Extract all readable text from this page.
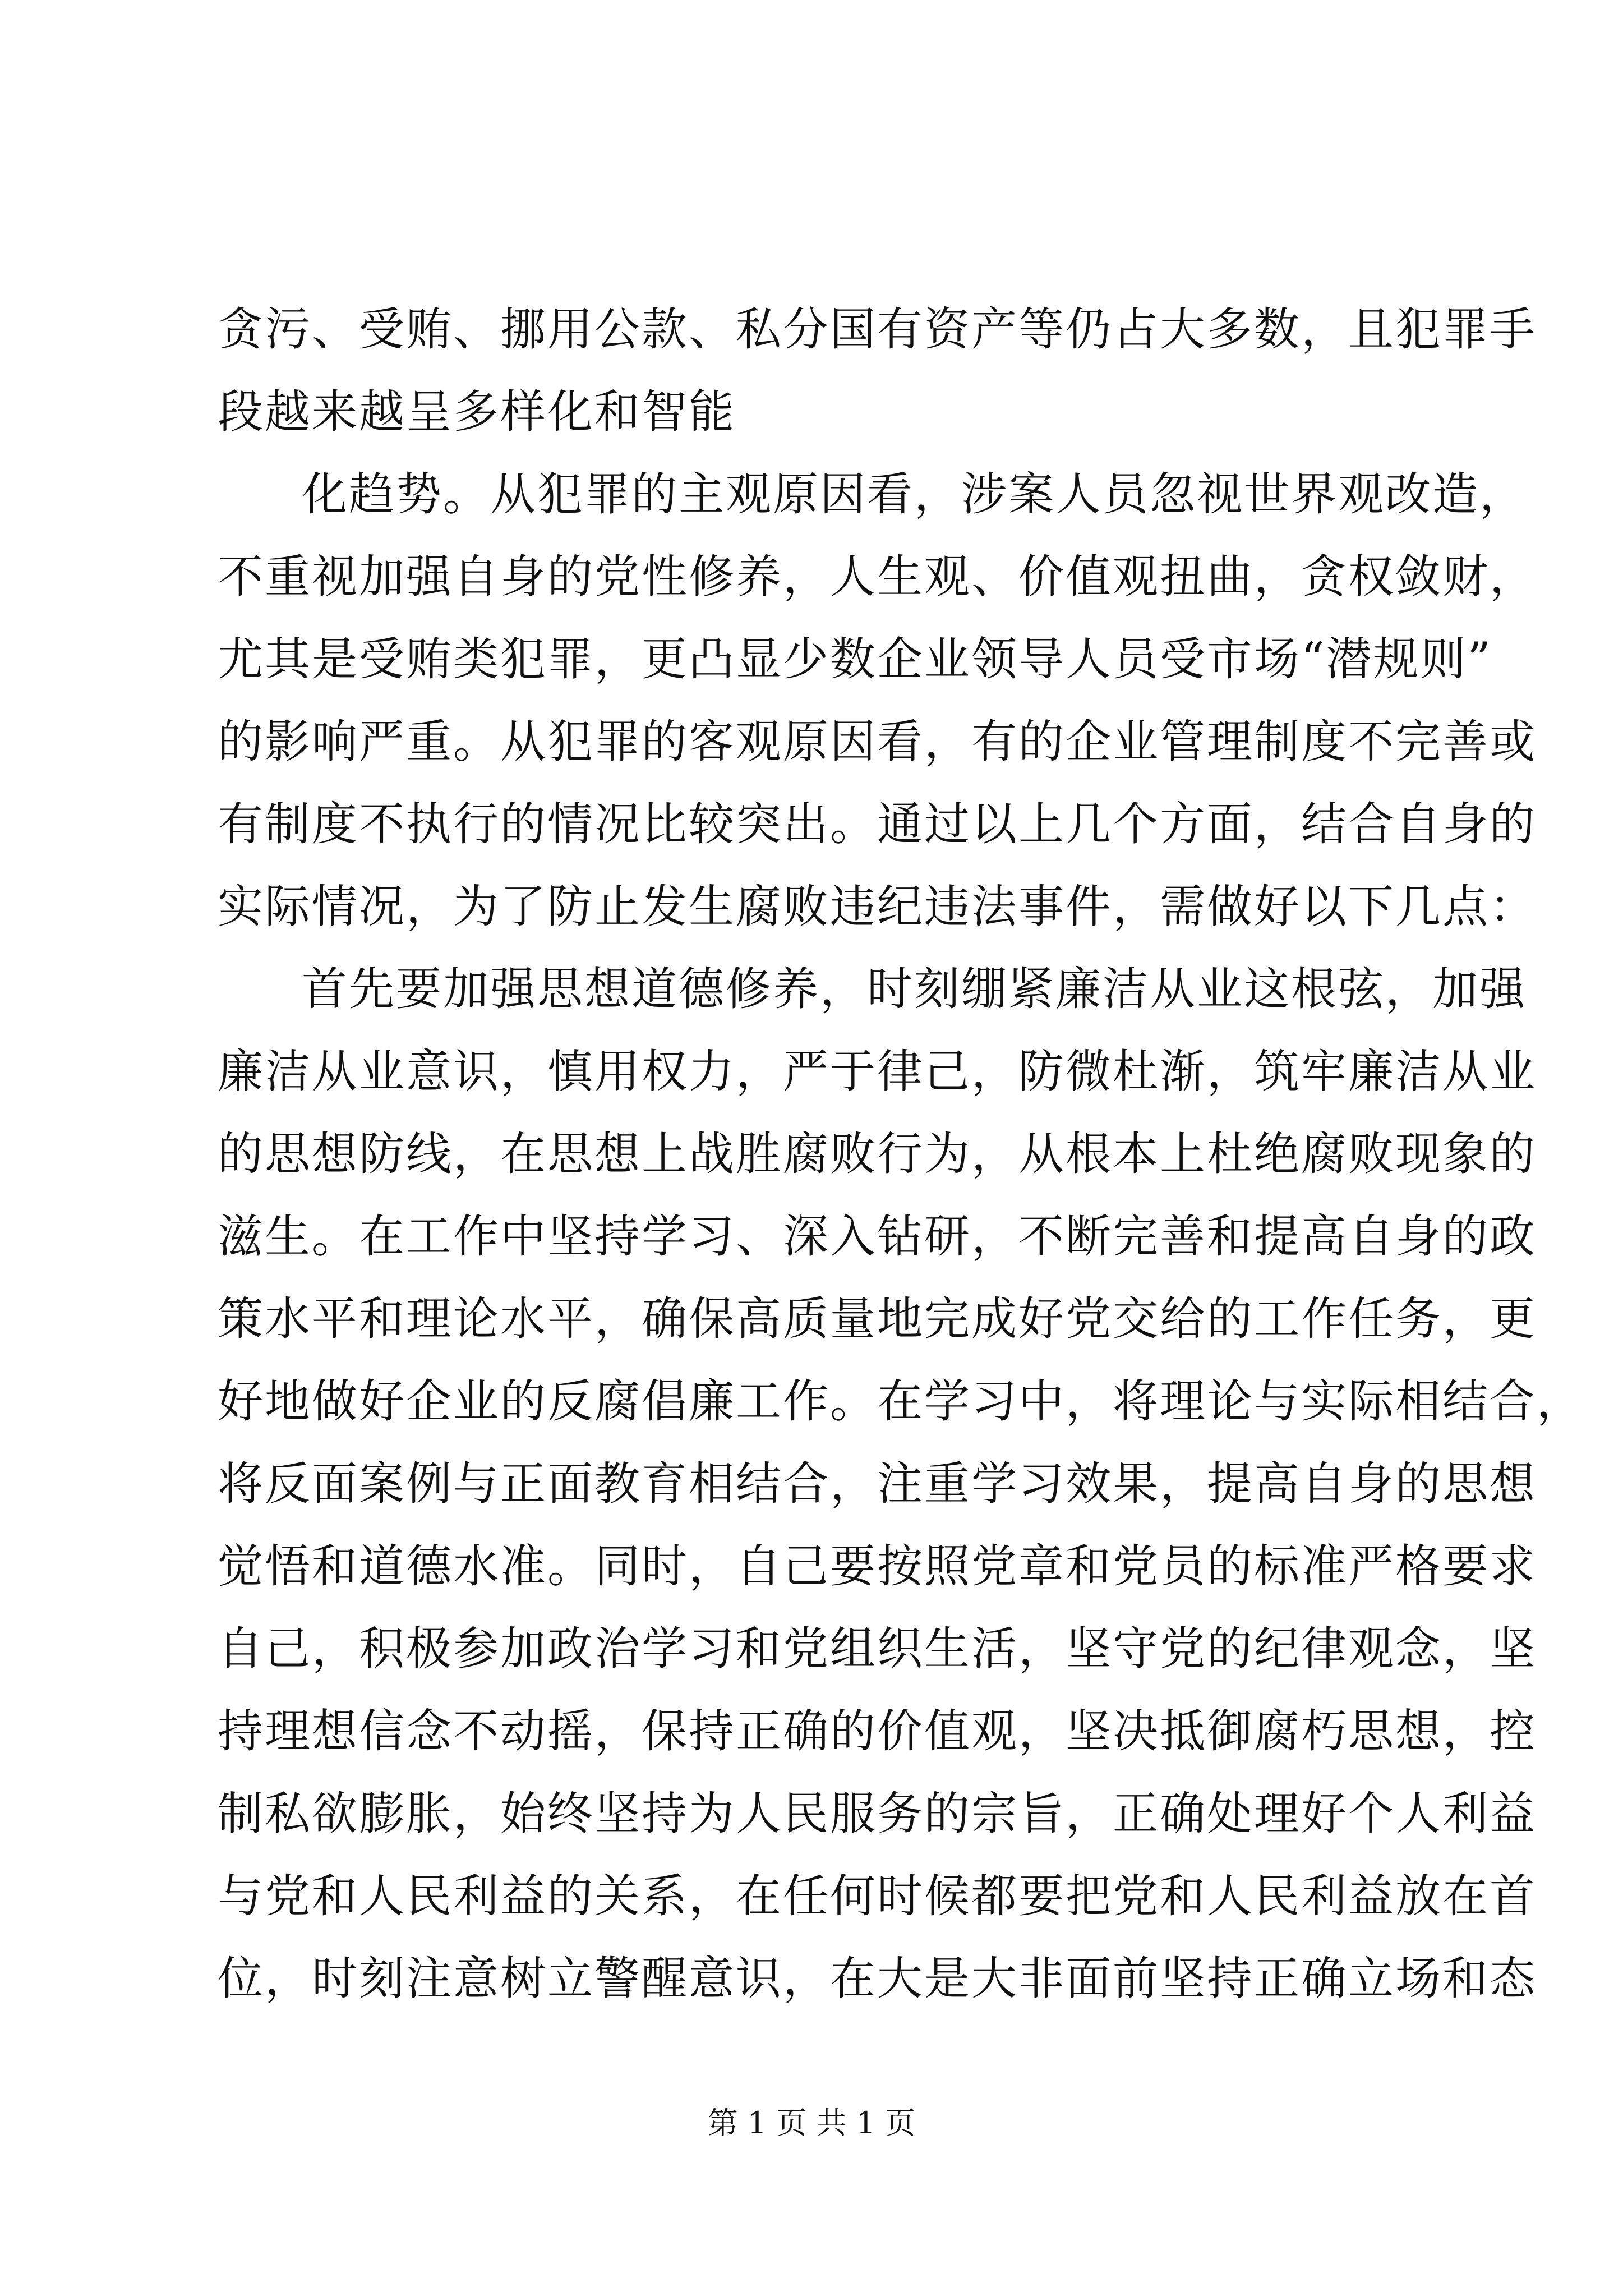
贪污、受贿、挪用公款、私分国有资产等仍占大多数，且犯罪手
段越来越呈多样化和智能
化趋势。从犯罪的主观原因看，涉案人员忽视世界观改造，
不重视加强自身的党性修养，人生观、价值观扭曲，贪权敛财，
尤其是受贿类犯罪，更凸显少数企业领导人员受市场“潜规则”
的影响严重。从犯罪的客观原因看，有的企业管理制度不完善或
有制度不执行的情况比较突出。通过以上几个方面，结合自身的
实际情况，为了防止发生腐败违纪违法事件，需做好以下几点：
首先要加强思想道德修养，时刻绷紧廉洁从业这根弦，加强
廉洁从业意识，慎用权力，严于律己，防微杜渐，筑牢廉洁从业
的思想防线，在思想上战胜腐败行为，从根本上杜绝腐败现象的
滋生。在工作中坚持学习、深入钻研，不断完善和提高自身的政
策水平和理论水平，确保高质量地完成好党交给的工作任务，更
好地做好企业的反腐倡廉工作。在学习中，将理论与实际相结合，
将反面案例与正面教育相结合，注重学习效果，提高自身的思想
觉悟和道德水准。同时，自己要按照党章和党员的标准严格要求
自己，积极参加政治学习和党组织生活，坚守党的纪律观念，坚
持理想信念不动摇，保持正确的价值观，坚决抵御腐朽思想，控
制私欲膨胀，始终坚持为人民服务的宗旨，正确处理好个人利益
与党和人民利益的关系，在任何时候都要把党和人民利益放在首
位，时刻注意树立警醒意识，在大是大非面前坚持正确立场和态
第 1 页 共 1 页
